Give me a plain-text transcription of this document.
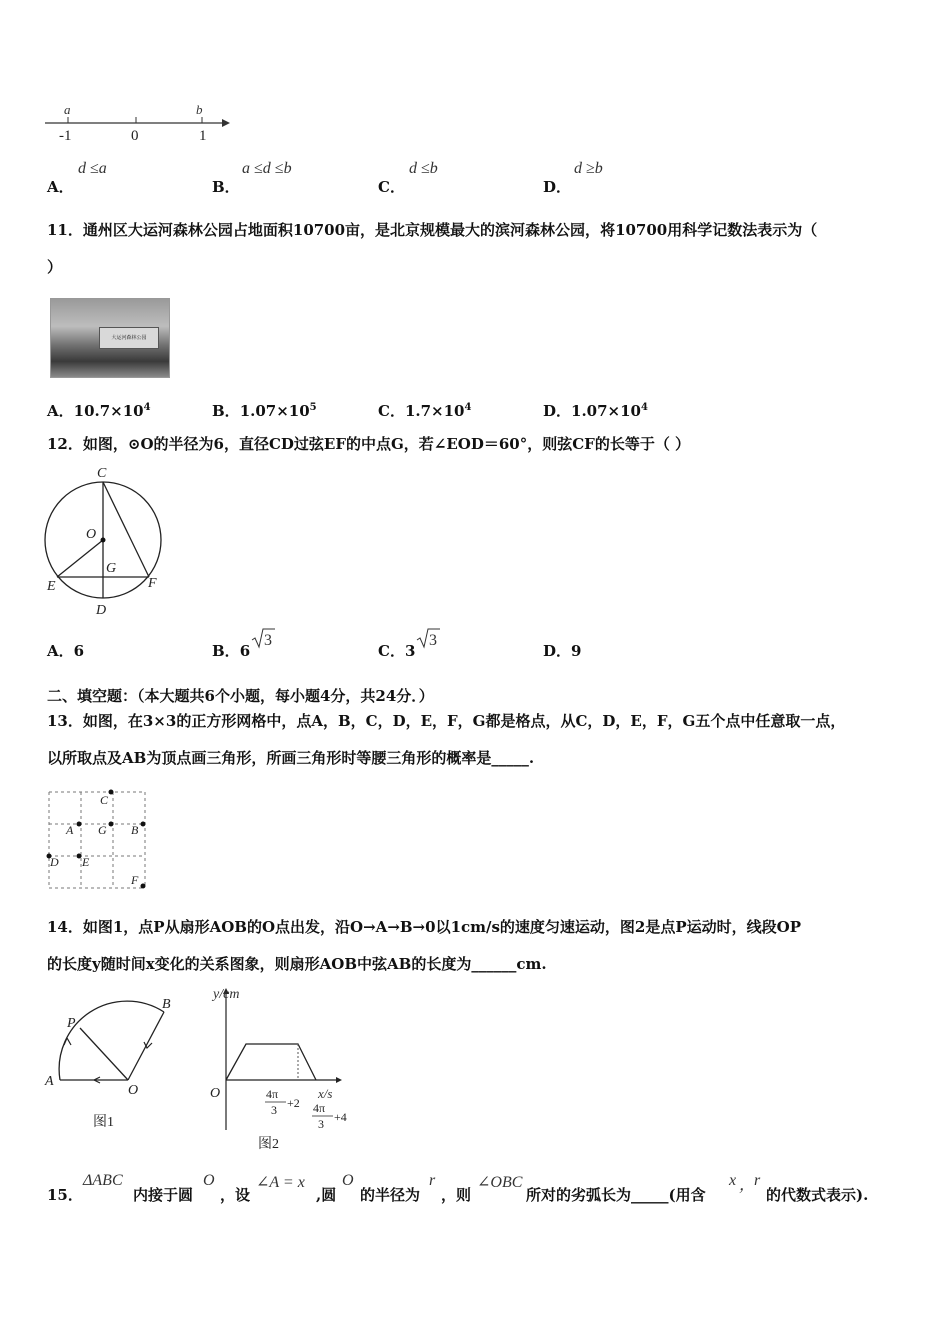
a	b
-1	0	1
A．
d ≤a
B．
a ≤d ≤b
C．
d ≤b
D．
d ≥b
11．通州区大运河森林公园占地面积10700亩，是北京规模最大的滨河森林公园，将10700用科学记数法表示为（
）
大运河森林公园
A．$10.7\times 10^4$	B．$1.07\times 10^5$	C．$1.7\times 10^4$	D．$1.07\times 10^4$
12．如图，⊙O的半径为6，直径CD过弦EF的中点G，若∠EOD＝60°，则弦CF的长等于（ ）
C
O
G
E	F
D
A．6	B．6
3
C．3
3
D．9
二、填空题：（本大题共6个小题，每小题4分，共24分．）
13．如图，在3×3的正方形网格中，点A，B，C，D，E，F，G都是格点，从C，D，E，F，G五个点中任意取一点，
以所取点及AB为顶点画三角形，所画三角形时等腰三角形的概率是_____.
C
A G B
D E
F
14．如图1，点P从扇形AOB的O点出发，沿O→A→B→0以1cm/s的速度匀速运动，图2是点P运动时，线段OP
的长度y随时间x变化的关系图象，则扇形AOB中弦AB的长度为______cm.
P
B
A
O
图1
y/cm
x/s
O	4π
3 +2 4π
3 +4
图2
15．
ΔABC
内接于圆
O
，设
∠A = x
,圆
O
的半径为
r
，则
∠OBC
所对的劣弧长为_____(用含
x ，
r
的代数式表示).
